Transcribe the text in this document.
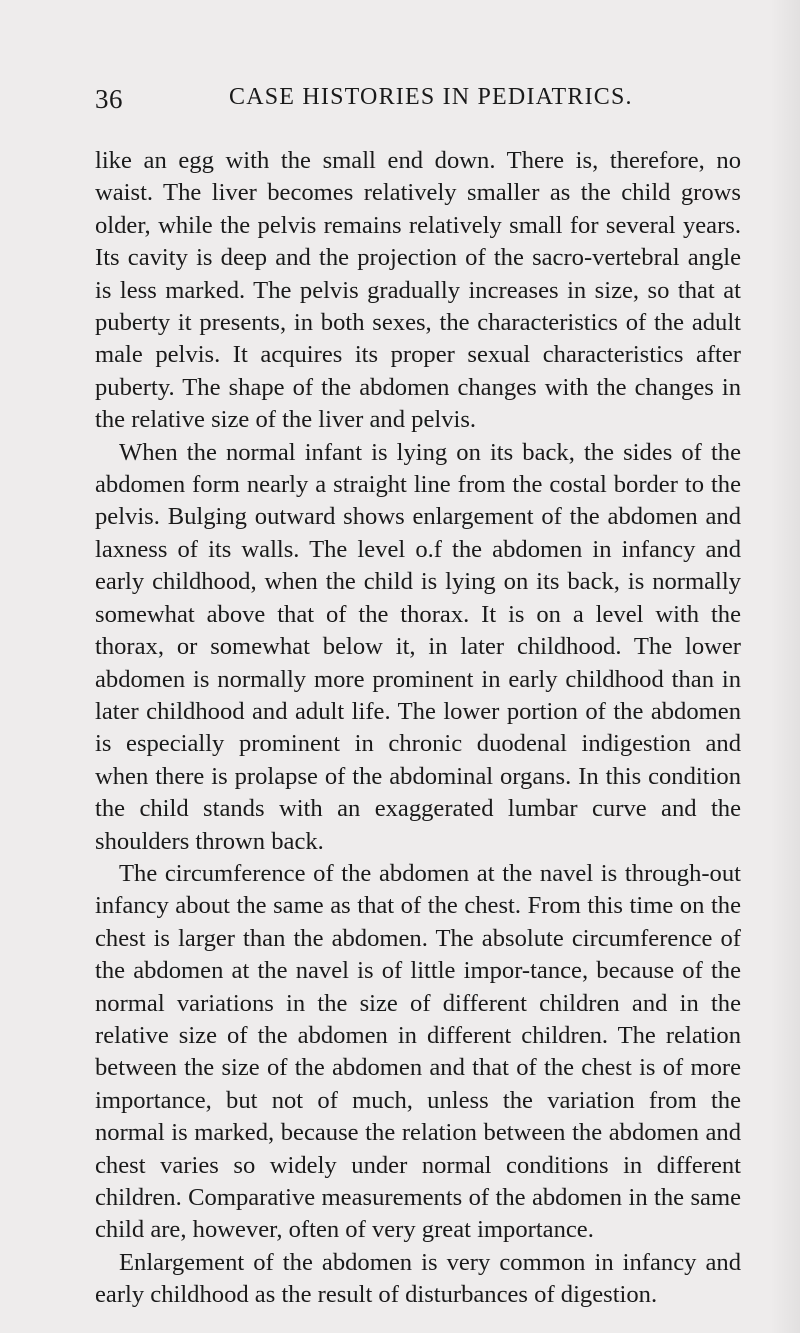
36	CASE HISTORIES IN PEDIATRICS.

like an egg with the small end down. There is, therefore, no waist. The liver becomes relatively smaller as the child grows older, while the pelvis remains relatively small for several years. Its cavity is deep and the projection of the sacro-vertebral angle is less marked. The pelvis gradually increases in size, so that at puberty it presents, in both sexes, the characteristics of the adult male pelvis. It acquires its proper sexual characteristics after puberty. The shape of the abdomen changes with the changes in the relative size of the liver and pelvis.

When the normal infant is lying on its back, the sides of the abdomen form nearly a straight line from the costal border to the pelvis. Bulging outward shows enlargement of the abdomen and laxness of its walls. The level o.f the abdomen in infancy and early childhood, when the child is lying on its back, is normally somewhat above that of the thorax. It is on a level with the thorax, or somewhat below it, in later childhood. The lower abdomen is normally more prominent in early childhood than in later childhood and adult life. The lower portion of the abdomen is especially prominent in chronic duodenal indigestion and when there is prolapse of the abdominal organs. In this condition the child stands with an exaggerated lumbar curve and the shoulders thrown back.

The circumference of the abdomen at the navel is through-out infancy about the same as that of the chest. From this time on the chest is larger than the abdomen. The absolute circumference of the abdomen at the navel is of little impor-tance, because of the normal variations in the size of different children and in the relative size of the abdomen in different children. The relation between the size of the abdomen and that of the chest is of more importance, but not of much, unless the variation from the normal is marked, because the relation between the abdomen and chest varies so widely under normal conditions in different children. Comparative measurements of the abdomen in the same child are, however, often of very great importance.

Enlargement of the abdomen is very common in infancy and early childhood as the result of disturbances of digestion.
